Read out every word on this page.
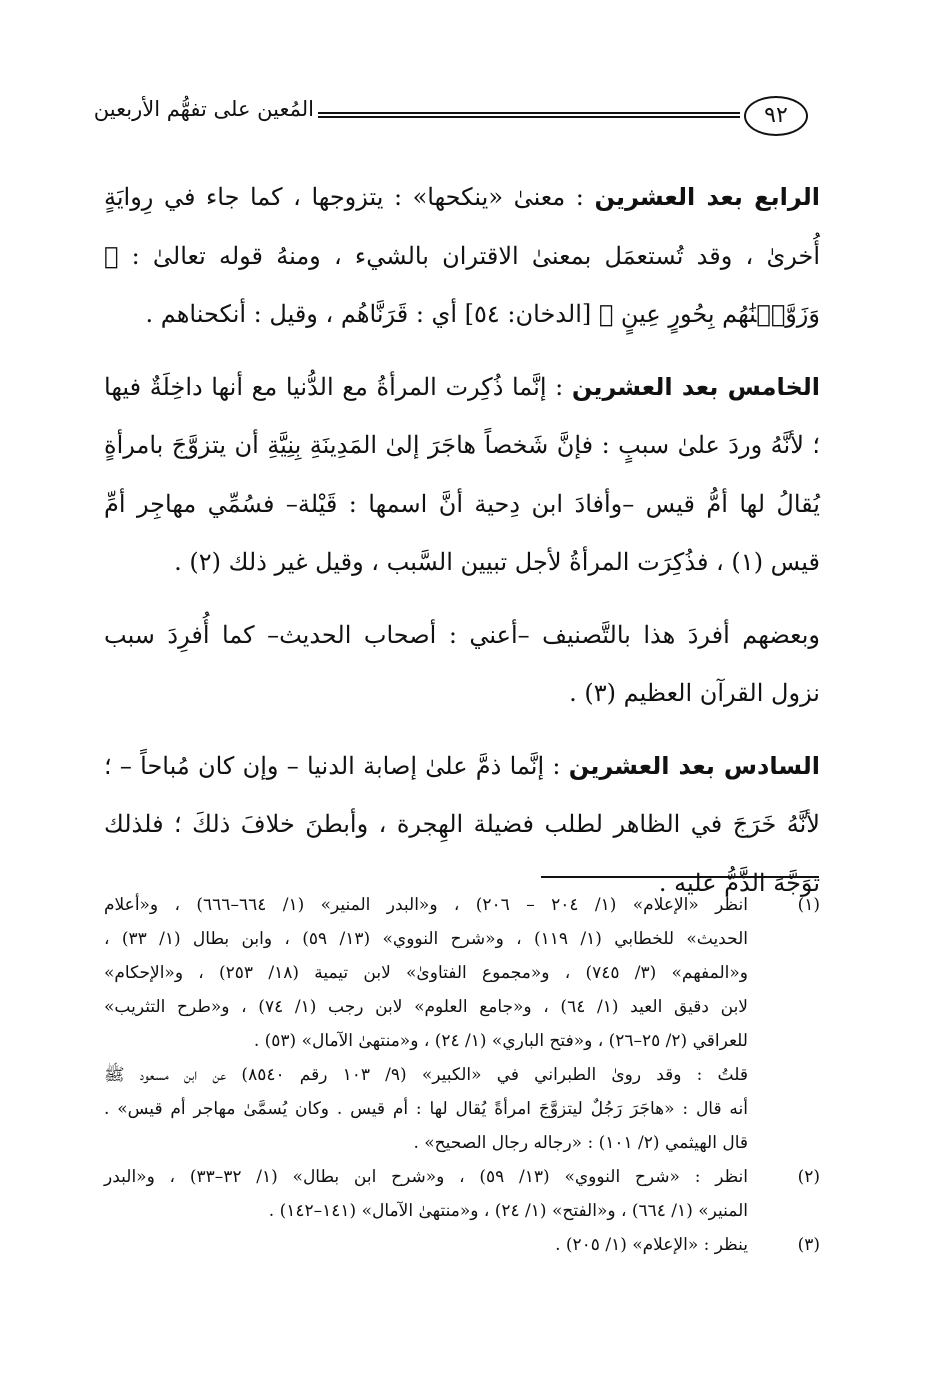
المُعين على تفهُّم الأربعين	٩٢

الرابع بعد العشرين : معنىٰ «ينكحها» : يتزوجها ، كما جاء في رِوايَةٍ أُخرىٰ ، وقد تُستعمَل بمعنىٰ الاقتران بالشيء ، ومنهُ قوله تعالىٰ : ﴿ وَزَوَّجۡنَٰهُم بِحُورٍ عِينٍ ﴾ [الدخان: ٥٤] أي : قَرَنَّاهُم ، وقيل : أنكحناهم .

الخامس بعد العشرين : إنَّما ذُكِرت المرأةُ مع الدُّنيا مع أنها داخِلَةٌ فيها ؛ لأنَّهُ وردَ علىٰ سببٍ : فإنَّ شَخصاً هاجَرَ إلىٰ المَدِينَةِ بِنِيَّةِ أن يتزوَّجَ بامرأةٍ يُقالُ لها أمُّ قيس –وأفادَ ابن دِحية أنَّ اسمها : قَيْلة– فسُمِّي مهاجِر أمِّ قيس (١) ، فذُكِرَت المرأةُ لأجل تبيين السَّبب ، وقيل غير ذلك (٢) .

وبعضهم أفردَ هذا بالتَّصنيف –أعني : أصحاب الحديث– كما أُفرِدَ سبب نزول القرآن العظيم (٣) .

السادس بعد العشرين : إنَّما ذمَّ علىٰ إصابة الدنيا – وإن كان مُباحاً – ؛ لأنَّهُ خَرَجَ في الظاهر لطلب فضيلة الهِجرة ، وأبطنَ خلافَ ذلكَ ؛ فلذلك توَجَّهَ الذَّمُّ عليه .

(١)
انظر «الإعلام» (١/ ٢٠٤ – ٢٠٦) ، و«البدر المنير» (١/ ٦٦٤–٦٦٦) ، و«أعلام
الحديث» للخطابي (١/ ١١٩) ، و«شرح النووي» (١٣/ ٥٩) ، وابن بطال (١/ ٣٣) ،
و«المفهم» (٣/ ٧٤٥) ، و«مجموع الفتاوىٰ» لابن تيمية (١٨/ ٢٥٣) ، و«الإحكام»
لابن دقيق العيد (١/ ٦٤) ، و«جامع العلوم» لابن رجب (١/ ٧٤) ، و«طرح التثريب»
للعراقي (٢/ ٢٥–٢٦) ، و«فتح الباري» (١/ ٢٤) ، و«منتهىٰ الآمال» (٥٣) .
قلتُ : وقد روىٰ الطبراني في «الكبير» (٩/ ١٠٣ رقم ٨٥٤٠) عن ابن مسعود ﷺ
أنه قال : «هاجَرَ رَجُلٌ ليتزوَّجَ امرأةً يُقال لها : أم قيس . وكان يُسمَّىٰ مهاجر أم قيس» .
قال الهيثمي (٢/ ١٠١) : «رجاله رجال الصحيح» .
(٢)
انظر : «شرح النووي» (١٣/ ٥٩) ، و«شرح ابن بطال» (١/ ٣٢–٣٣) ، و«البدر
المنير» (١/ ٦٦٤) ، و«الفتح» (١/ ٢٤) ، و«منتهىٰ الآمال» (١٤١–١٤٢) .
(٣)
ينظر : «الإعلام» (١/ ٢٠٥) .
